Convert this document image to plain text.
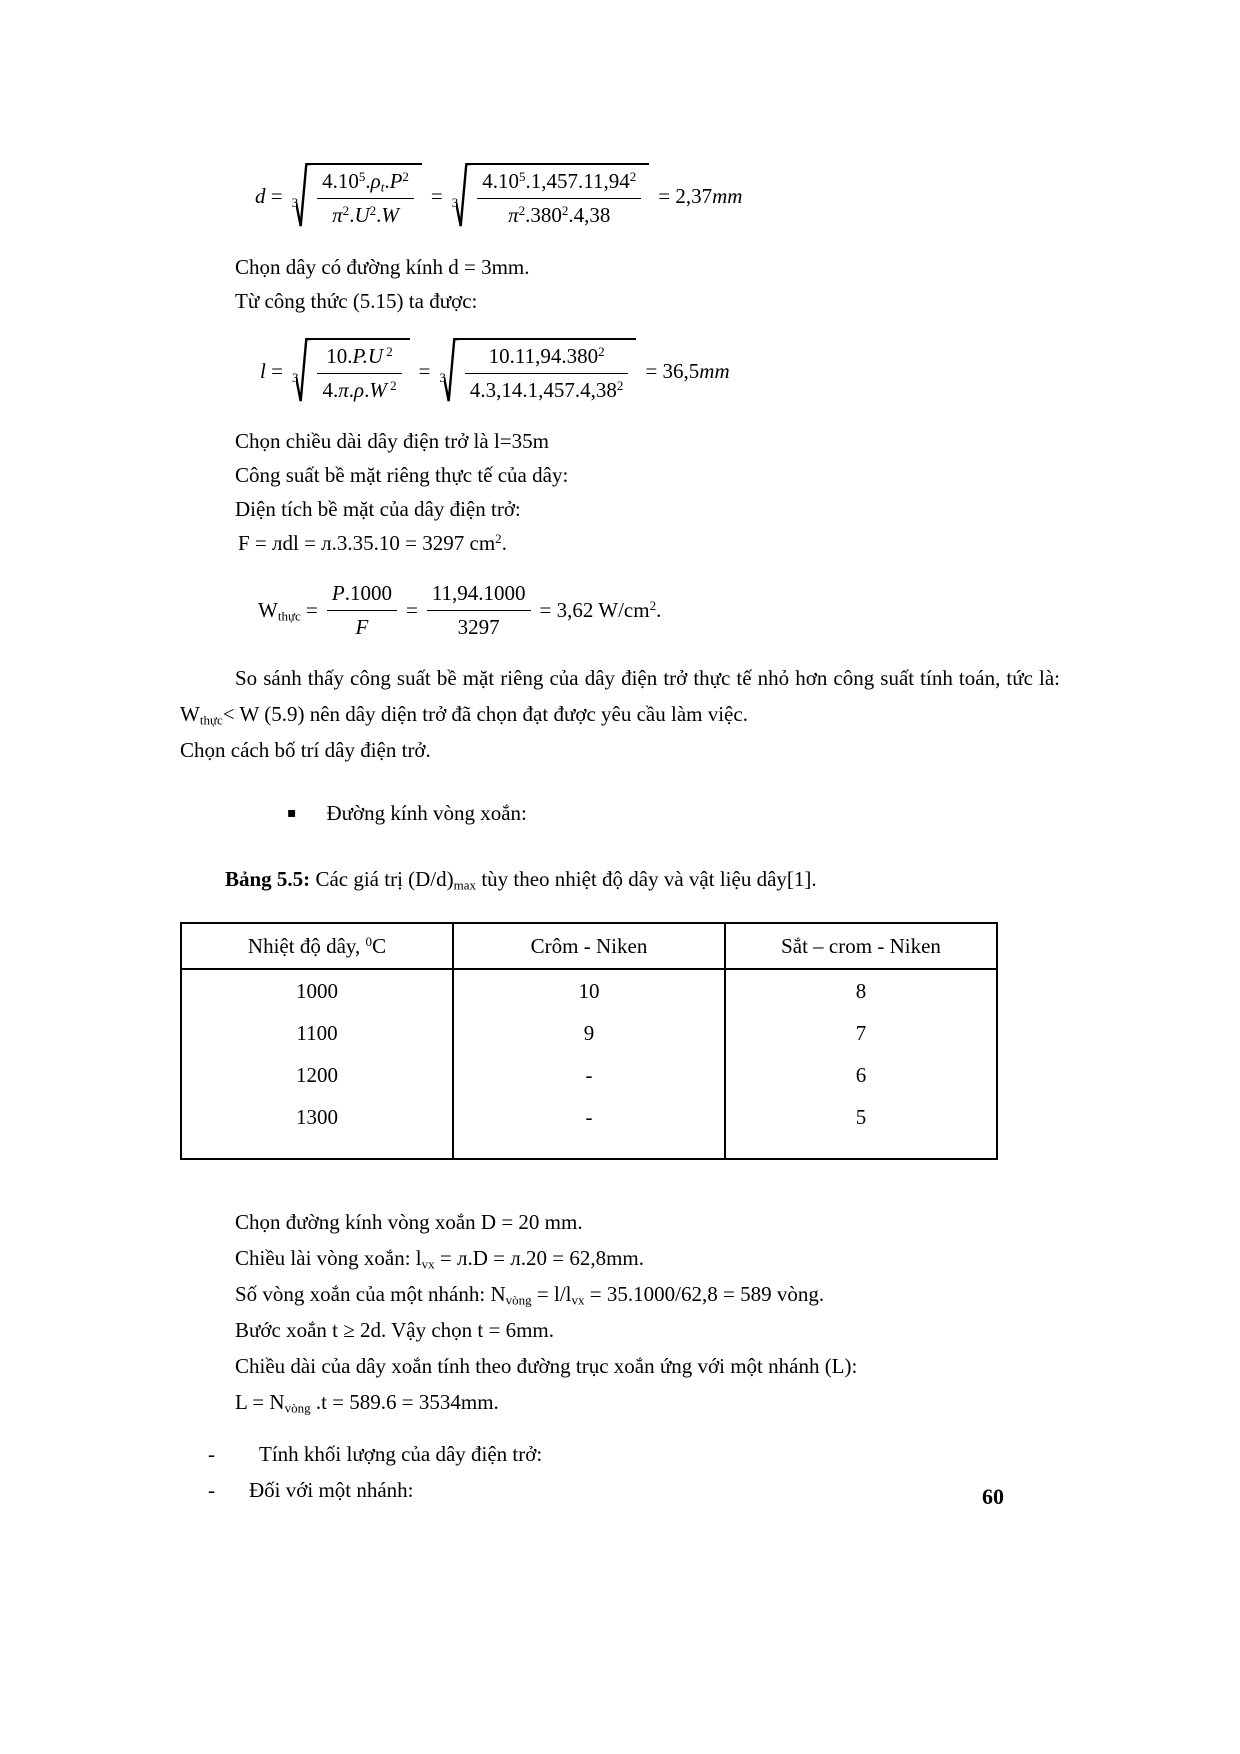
$d = 3 \frac{4.10^5.\rho t.P^2}{\pi^2.U^2.W} = 3 \frac{4.10^5.1,457.11,94^2}{\pi^2.380^2.4,38} = 2,37mm$

Chọn dây có đường kính d = 3mm.

Từ công thức (5.15) ta được:

$l = 3 \frac{10.P.U ^2}{4.\pi.\rho.W ^2} = 3 \frac{10.11,94.380^2}{4.3,14.1,457.4,38^2} = 36,5mm$

Chọn chiều dài dây điện trở là l=35m

Công suất bề mặt riêng thực tế của dây:

Diện tích bề mặt của dây điện trở:

F = лdl = л.3.35.10 = 3297 $cm^2$.

Wthực = $\frac{P.1000}{F} = \frac{11,94.1000}{3297} = 3,62$ $W/cm^2$.

So sánh thấy công suất bề mặt riêng của dây điện trở thực tế nhỏ hơn công suất tính toán, tức là: Wthực< W (5.9) nên dây diện trở đã chọn đạt được yêu cầu làm việc.

Chọn cách bố trí dây điện trở.

▪ Đường kính vòng xoắn:

Bảng 5.5: Các giá trị (D/d)max tùy theo nhiệt độ dây và vật liệu dây[1].

Nhiệt độ dây, $^0$C	Crôm - Niken	Sắt – crom - Niken
1000	10	8
1100	9	7
1200	-	6
1300	-	5

Chọn đường kính vòng xoắn D = 20 mm.

Chiều lài vòng xoắn: lvx = л.D = л.20 = 62,8mm.

Số vòng xoắn của một nhánh: Nvòng = l/lvx = 35.1000/62,8 = 589 vòng.

Bước xoắn t ≥ 2d. Vậy chọn t = 6mm.

Chiều dài của dây xoắn tính theo đường trục xoắn ứng với một nhánh (L):

L = Nvòng .t = 589.6 = 3534mm.

- Tính khối lượng của dây điện trở:
- Đối với một nhánh:	60
